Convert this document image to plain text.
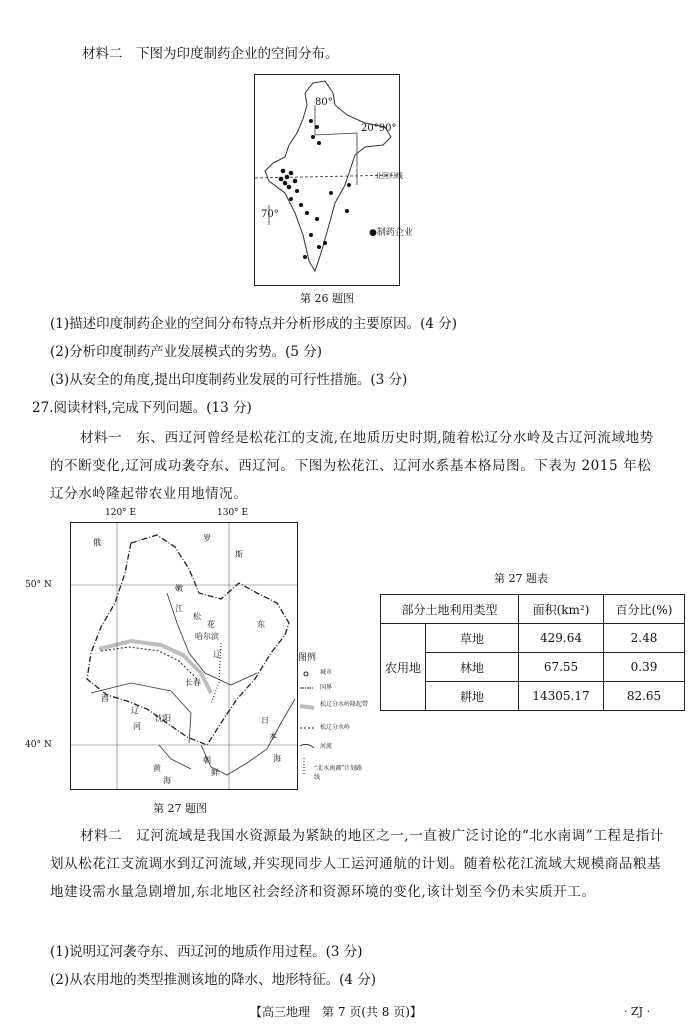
材料二　下图为印度制药企业的空间分布。
80°
20°90°
北回归线
70°
●制药企业
第 26 题图
(1)描述印度制药企业的空间分布特点并分析形成的主要原因。(4 分)
(2)分析印度制药产业发展模式的劣势。(5 分)
(3)从安全的角度,提出印度制药业发展的可行性措施。(3 分)
27.阅读材料,完成下列问题。(13 分)
材料一　东、西辽河曾经是松花江的支流,在地质历史时期,随着松辽分水岭及古辽河流域地势的不断变化,辽河成功袭夺东、西辽河。下图为松花江、辽河水系基本格局图。下表为 2015 年松辽分水岭隆起带农业用地情况。
120° E	130° E
50° N
40° N
俄	罗
斯
嫩
江
松
花
哈尔滨
东
辽
长春
西
沈阳
辽
河
日
本
海
黄
海
朝
鲜
图例
城市
国界
松辽分水岭隆起带
松辽分水岭
河流
“北水南调”计划路线
第 27 题图
第 27 题表
部分土地利用类型		面积(km²)	百分比(%)
农用地	草地	429.64	2.48
	林地	67.55	0.39
	耕地	14305.17	82.65
材料二　辽河流域是我国水资源最为紧缺的地区之一,一直被广泛讨论的“北水南调”工程是指计划从松花江支流调水到辽河流域,并实现同步人工运河通航的计划。随着松花江流域大规模商品粮基地建设需水量急剧增加,东北地区社会经济和资源环境的变化,该计划至今仍未实质开工。
(1)说明辽河袭夺东、西辽河的地质作用过程。(3 分)
(2)从农用地的类型推测该地的降水、地形特征。(4 分)
【高三地理　第 7 页(共 8 页)】	· ZJ ·
